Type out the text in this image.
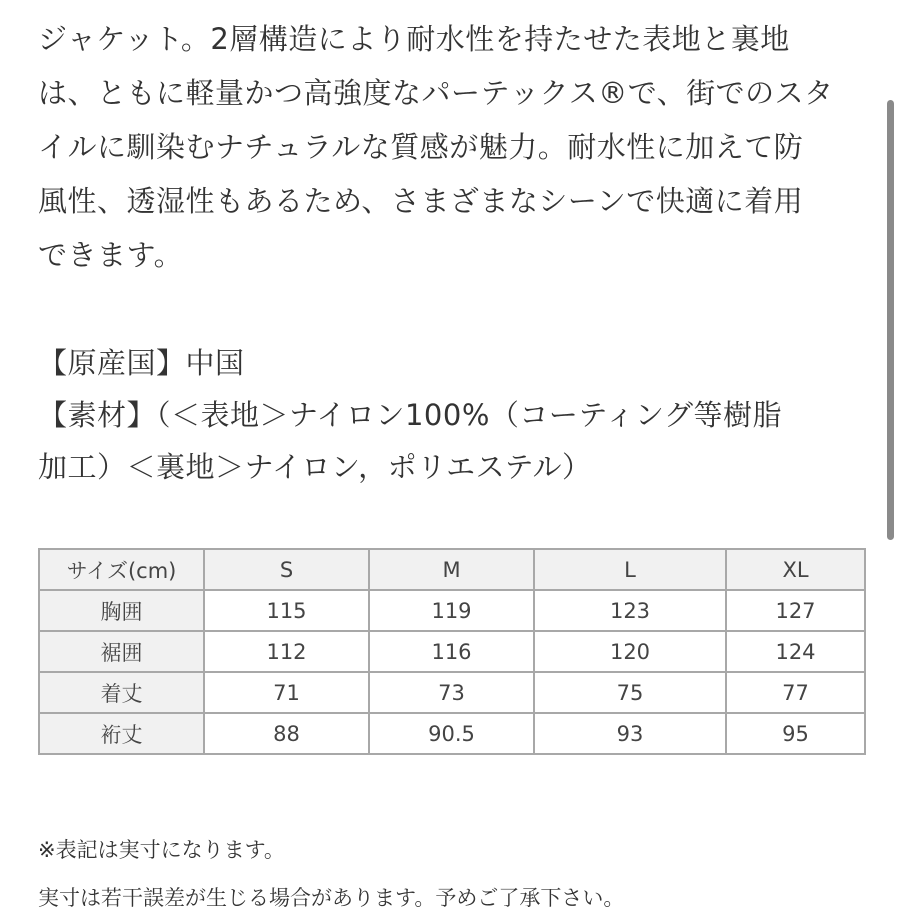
ジャケット。2層構造により耐水性を持たせた表地と裏地

は、ともに軽量かつ高強度なパーテックス®で、街でのスタ

イルに馴染むナチュラルな質感が魅力。耐水性に加えて防

風性、透湿性もあるため、さまざまなシーンで快適に着用

できます。

【原産国】中国

【素材】（＜表地＞ナイロン100%（コーティング等樹脂

加工）＜裏地＞ナイロン，ポリエステル）

サイズ(cm)	S	M	L	XL
胸囲	115	119	123	127
裾囲	112	116	120	124
着丈	71	73	75	77
裄丈	88	90.5	93	95
※表記は実寸になります。
実寸は若干誤差が生じる場合があります。予めご了承下さい。
